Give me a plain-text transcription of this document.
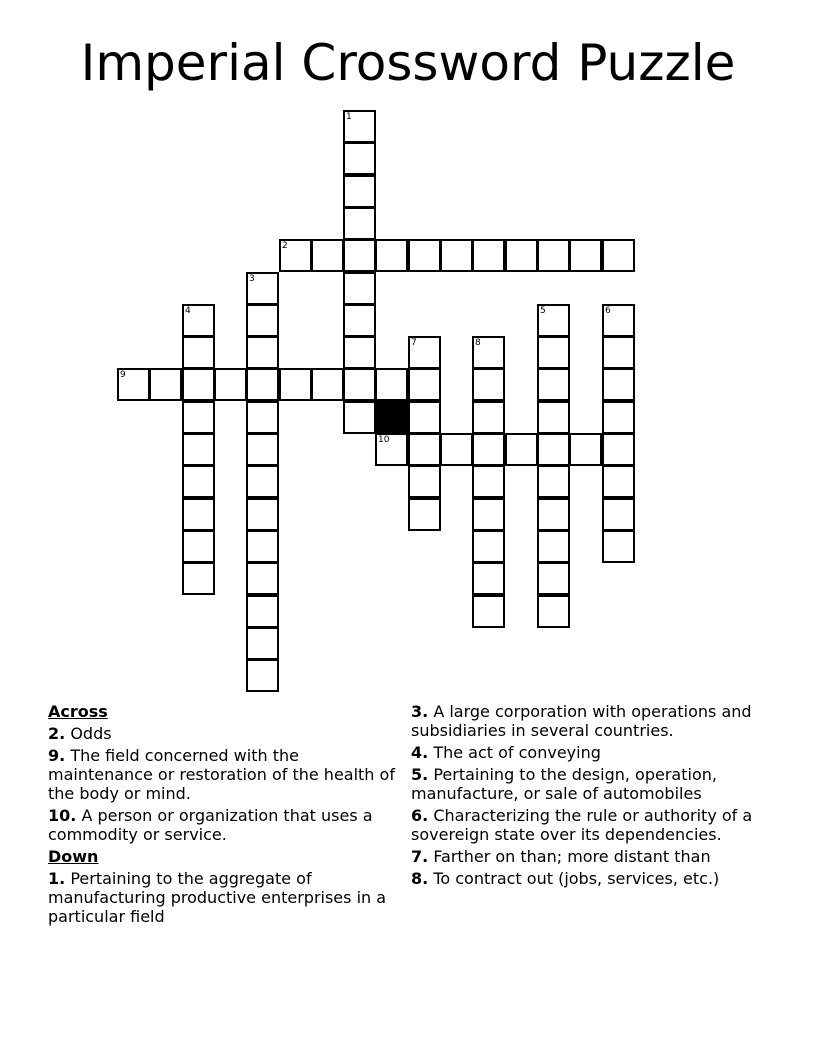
Imperial Crossword Puzzle
1
2
3
4	5	6
7	8
9
10
Across
2. Odds
9. The field concerned with the maintenance or restoration of the health of the body or mind.
10. A person or organization that uses a commodity or service.
Down
1. Pertaining to the aggregate of manufacturing productive enterprises in a particular field
3. A large corporation with operations and subsidiaries in several countries.
4. The act of conveying
5. Pertaining to the design, operation, manufacture, or sale of automobiles
6. Characterizing the rule or authority of a sovereign state over its dependencies.
7. Farther on than; more distant than
8. To contract out (jobs, services, etc.)
